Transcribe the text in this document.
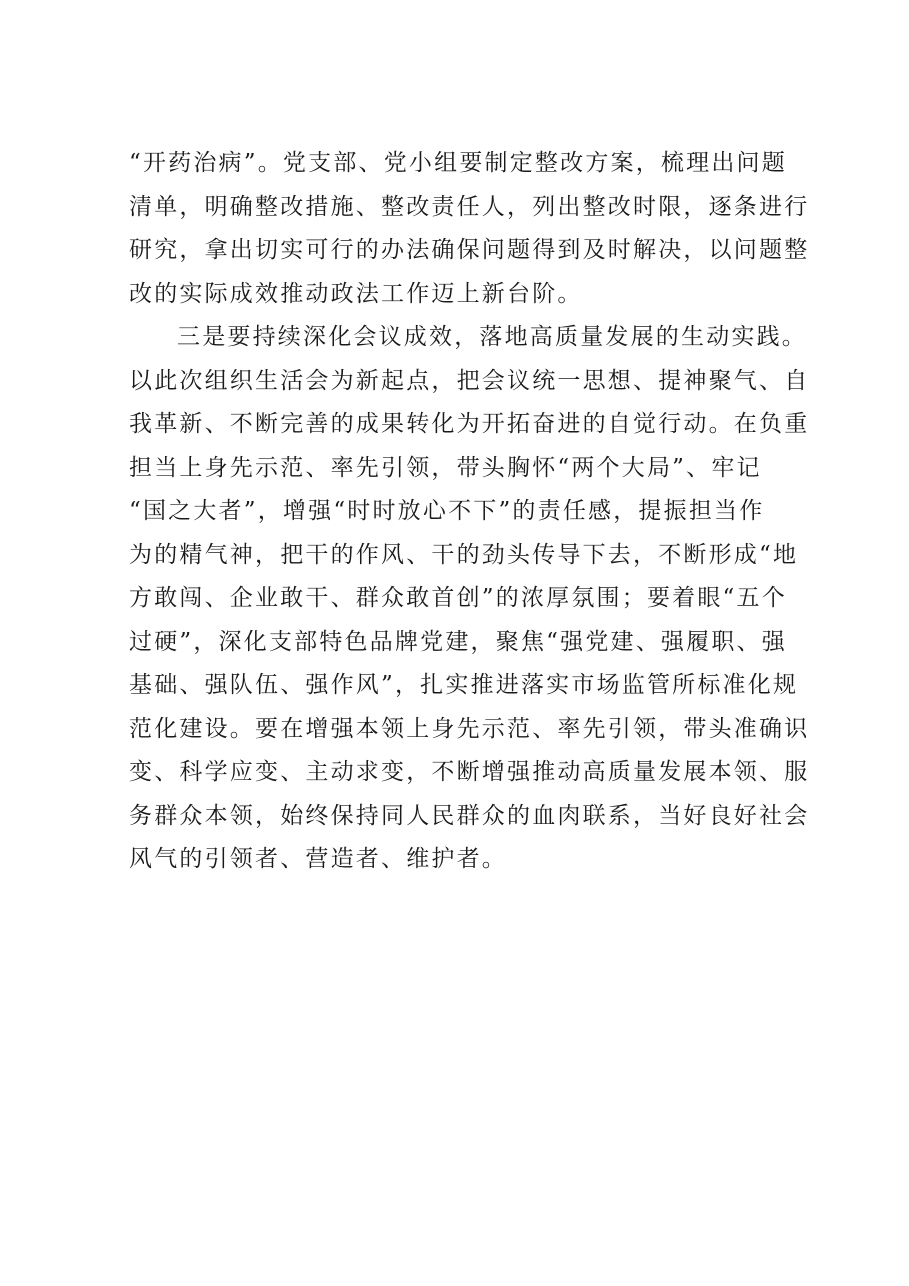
“开药治病”。党支部、党小组要制定整改方案，梳理出问题
清单，明确整改措施、整改责任人，列出整改时限，逐条进行
研究，拿出切实可行的办法确保问题得到及时解决，以问题整
改的实际成效推动政法工作迈上新台阶。
三是要持续深化会议成效，落地高质量发展的生动实践。
以此次组织生活会为新起点，把会议统一思想、提神聚气、自
我革新、不断完善的成果转化为开拓奋进的自觉行动。在负重
担当上身先示范、率先引领，带头胸怀“两个大局”、牢记
“国之大者”，增强“时时放心不下”的责任感，提振担当作
为的精气神，把干的作风、干的劲头传导下去，不断形成“地
方敢闯、企业敢干、群众敢首创”的浓厚氛围；要着眼“五个
过硬”，深化支部特色品牌党建，聚焦“强党建、强履职、强
基础、强队伍、强作风”，扎实推进落实市场监管所标准化规
范化建设。要在增强本领上身先示范、率先引领，带头准确识
变、科学应变、主动求变，不断增强推动高质量发展本领、服
务群众本领，始终保持同人民群众的血肉联系，当好良好社会
风气的引领者、营造者、维护者。
